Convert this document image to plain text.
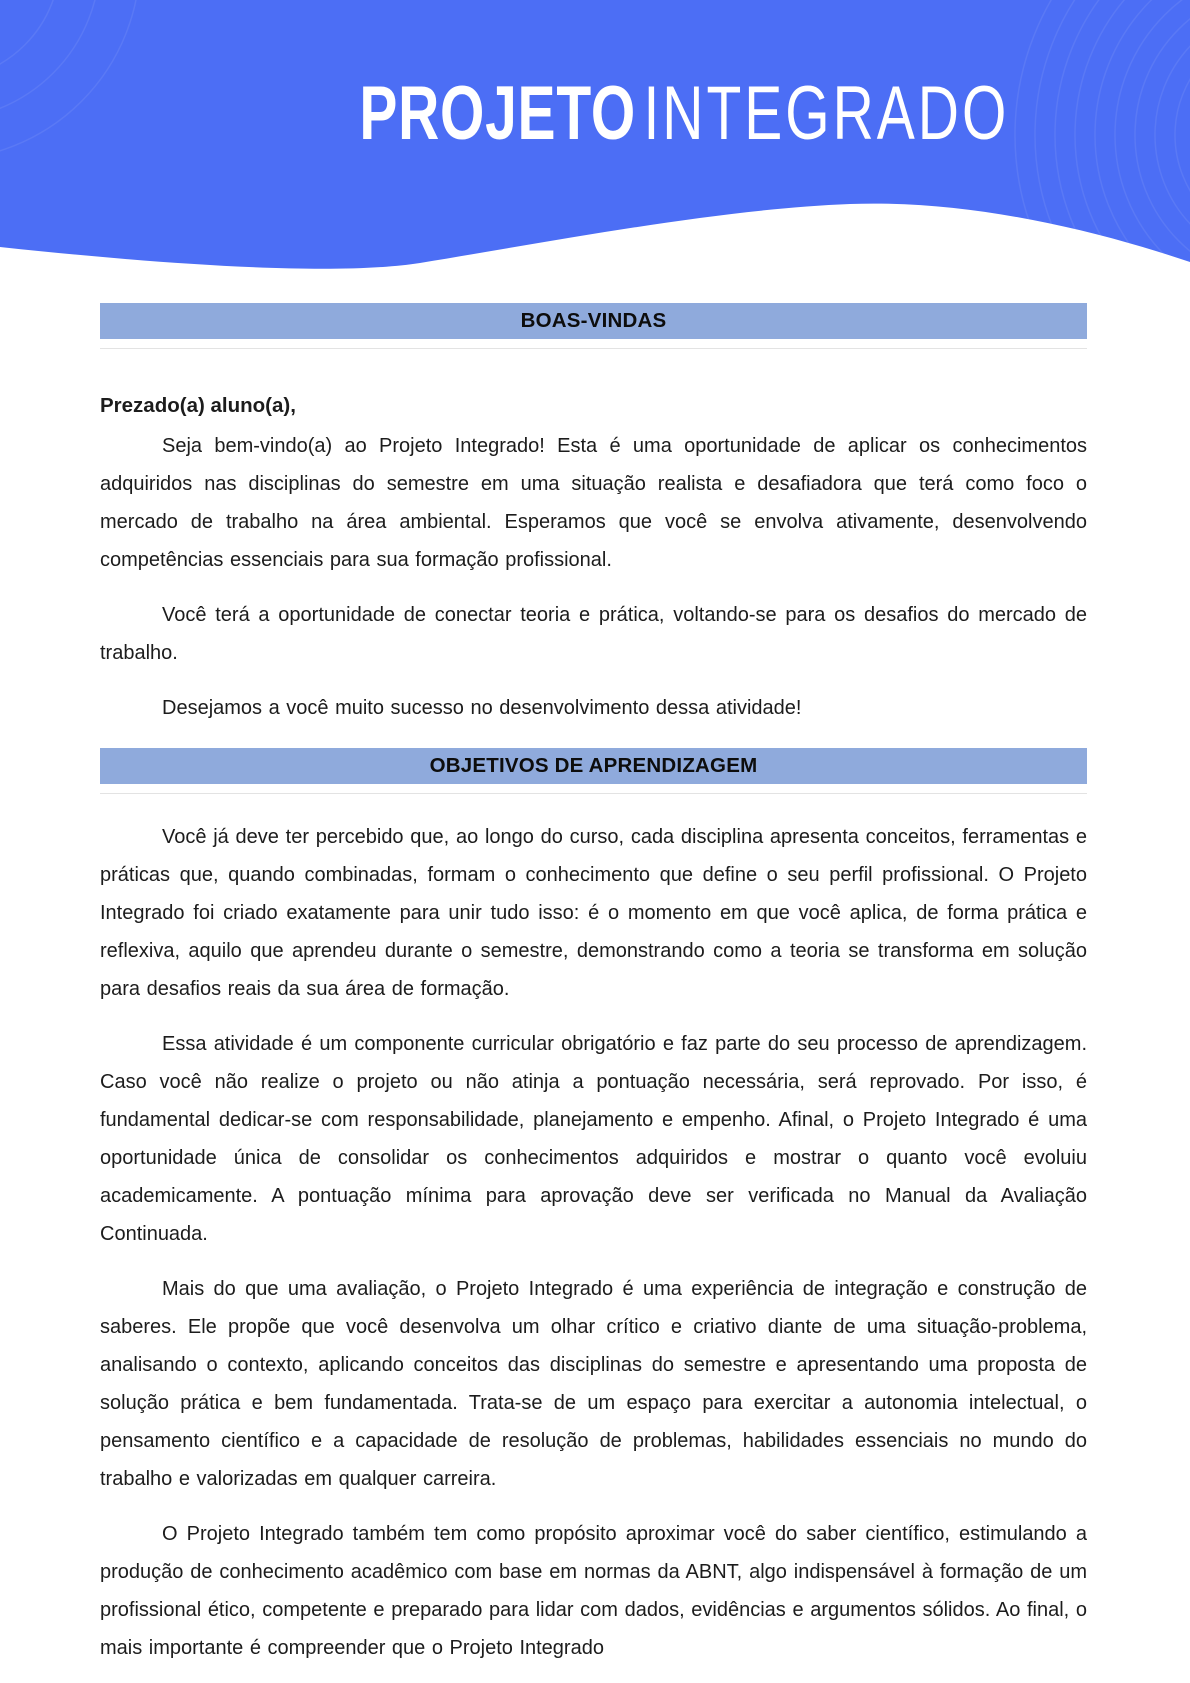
PROJETOINTEGRADO
BOAS-VINDAS
Prezado(a) aluno(a),

Seja bem-vindo(a) ao Projeto Integrado! Esta é uma oportunidade de aplicar os conhecimentos adquiridos nas disciplinas do semestre em uma situação realista e desafiadora que terá como foco o mercado de trabalho na área ambiental. Esperamos que você se envolva ativamente, desenvolvendo competências essenciais para sua formação profissional.

Você terá a oportunidade de conectar teoria e prática, voltando-se para os desafios do mercado de trabalho.

Desejamos a você muito sucesso no desenvolvimento dessa atividade!

OBJETIVOS DE APRENDIZAGEM

Você já deve ter percebido que, ao longo do curso, cada disciplina apresenta conceitos, ferramentas e práticas que, quando combinadas, formam o conhecimento que define o seu perfil profissional. O Projeto Integrado foi criado exatamente para unir tudo isso: é o momento em que você aplica, de forma prática e reflexiva, aquilo que aprendeu durante o semestre, demonstrando como a teoria se transforma em solução para desafios reais da sua área de formação.

Essa atividade é um componente curricular obrigatório e faz parte do seu processo de aprendizagem. Caso você não realize o projeto ou não atinja a pontuação necessária, será reprovado. Por isso, é fundamental dedicar-se com responsabilidade, planejamento e empenho. Afinal, o Projeto Integrado é uma oportunidade única de consolidar os conhecimentos adquiridos e mostrar o quanto você evoluiu academicamente. A pontuação mínima para aprovação deve ser verificada no Manual da Avaliação Continuada.

Mais do que uma avaliação, o Projeto Integrado é uma experiência de integração e construção de saberes. Ele propõe que você desenvolva um olhar crítico e criativo diante de uma situação-problema, analisando o contexto, aplicando conceitos das disciplinas do semestre e apresentando uma proposta de solução prática e bem fundamentada. Trata-se de um espaço para exercitar a autonomia intelectual, o pensamento científico e a capacidade de resolução de problemas, habilidades essenciais no mundo do trabalho e valorizadas em qualquer carreira.

O Projeto Integrado também tem como propósito aproximar você do saber científico, estimulando a produção de conhecimento acadêmico com base em normas da ABNT, algo indispensável à formação de um profissional ético, competente e preparado para lidar com dados, evidências e argumentos sólidos. Ao final, o mais importante é compreender que o Projeto Integrado
